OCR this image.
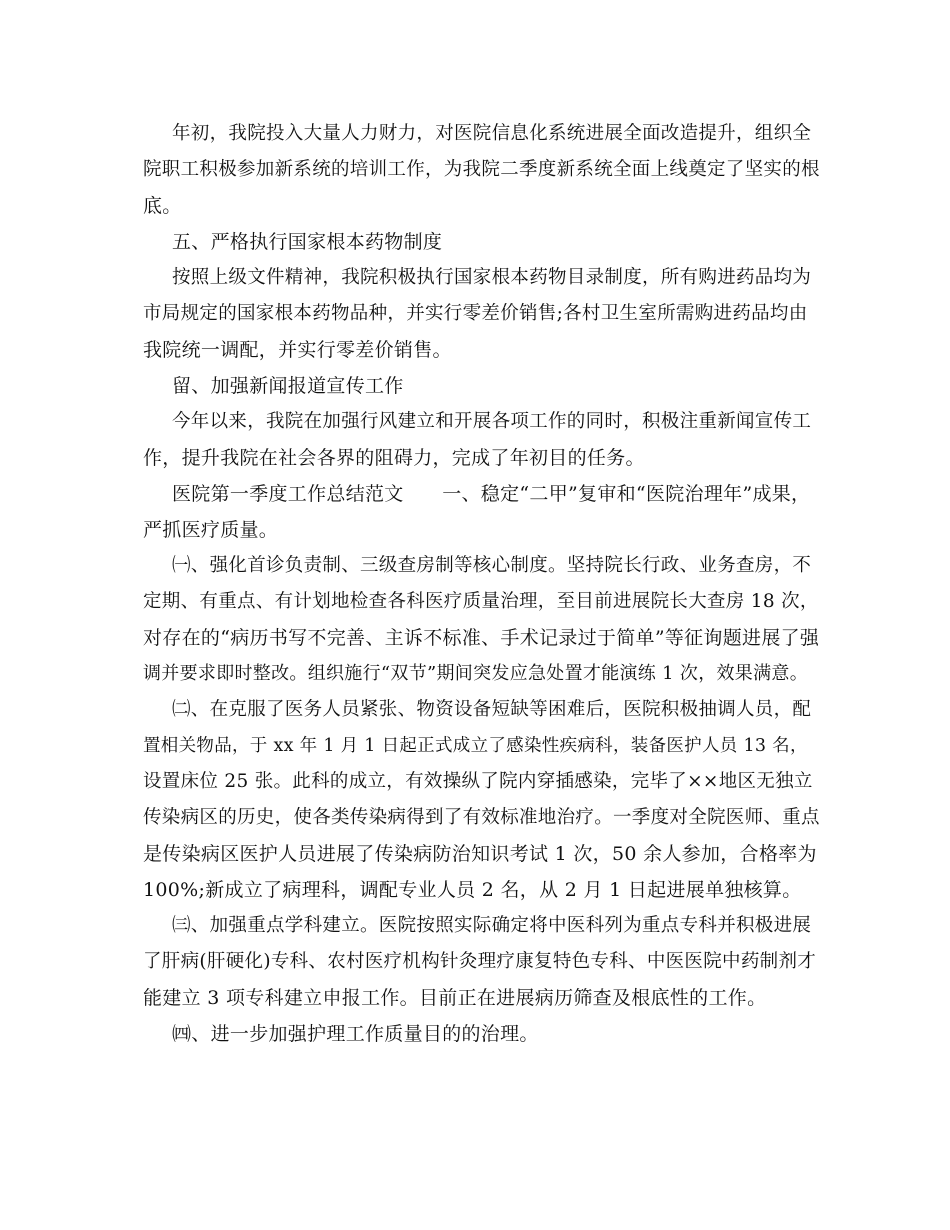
年初，我院投入大量人力财力，对医院信息化系统进展全面改造提升，组织全
院职工积极参加新系统的培训工作，为我院二季度新系统全面上线奠定了坚实的根
底。
五、严格执行国家根本药物制度
按照上级文件精神，我院积极执行国家根本药物目录制度，所有购进药品均为
市局规定的国家根本药物品种，并实行零差价销售;各村卫生室所需购进药品均由
我院统一调配，并实行零差价销售。
留、加强新闻报道宣传工作
今年以来，我院在加强行风建立和开展各项工作的同时，积极注重新闻宣传工
作，提升我院在社会各界的阻碍力，完成了年初目的任务。
医院第一季度工作总结范文　　一、稳定“二甲”复审和“医院治理年”成果，
严抓医疗质量。
㈠、强化首诊负责制、三级查房制等核心制度。坚持院长行政、业务查房，不
定期、有重点、有计划地检查各科医疗质量治理，至目前进展院长大查房 18 次，
对存在的“病历书写不完善、主诉不标准、手术记录过于简单”等征询题进展了强
调并要求即时整改。组织施行“双节”期间突发应急处置才能演练 1 次，效果满意。
㈡、在克服了医务人员紧张、物资设备短缺等困难后，医院积极抽调人员，配
置相关物品，于 xx 年 1 月 1 日起正式成立了感染性疾病科，装备医护人员 13 名，
设置床位 25 张。此科的成立，有效操纵了院内穿插感染，完毕了××地区无独立
传染病区的历史，使各类传染病得到了有效标准地治疗。一季度对全院医师、重点
是传染病区医护人员进展了传染病防治知识考试 1 次，50 余人参加，合格率为
100%;新成立了病理科，调配专业人员 2 名，从 2 月 1 日起进展单独核算。
㈢、加强重点学科建立。医院按照实际确定将中医科列为重点专科并积极进展
了肝病(肝硬化)专科、农村医疗机构针灸理疗康复特色专科、中医医院中药制剂才
能建立 3 项专科建立申报工作。目前正在进展病历筛查及根底性的工作。
㈣、进一步加强护理工作质量目的的治理。
